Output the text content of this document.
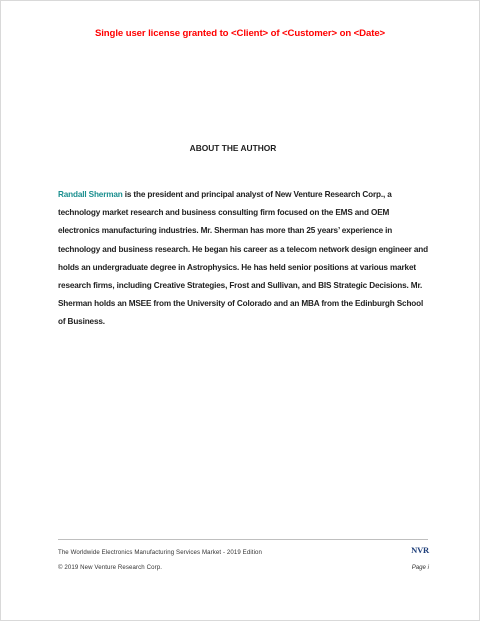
Single user license granted to <Client> of <Customer> on <Date>
ABOUT THE AUTHOR

Randall Sherman is the president and principal analyst of New Venture Research Corp., a technology market research and business consulting firm focused on the EMS and OEM electronics manufacturing industries. Mr. Sherman has more than 25 years’ experience in technology and business research. He began his career as a telecom network design engineer and holds an undergraduate degree in Astrophysics. He has held senior positions at various market research firms, including Creative Strategies, Frost and Sullivan, and BIS Strategic Decisions. Mr. Sherman holds an MSEE from the University of Colorado and an MBA from the Edinburgh School of Business.

The Worldwide Electronics Manufacturing Services Market - 2019 Edition
© 2019 New Venture Research Corp.
NVR
Page i
